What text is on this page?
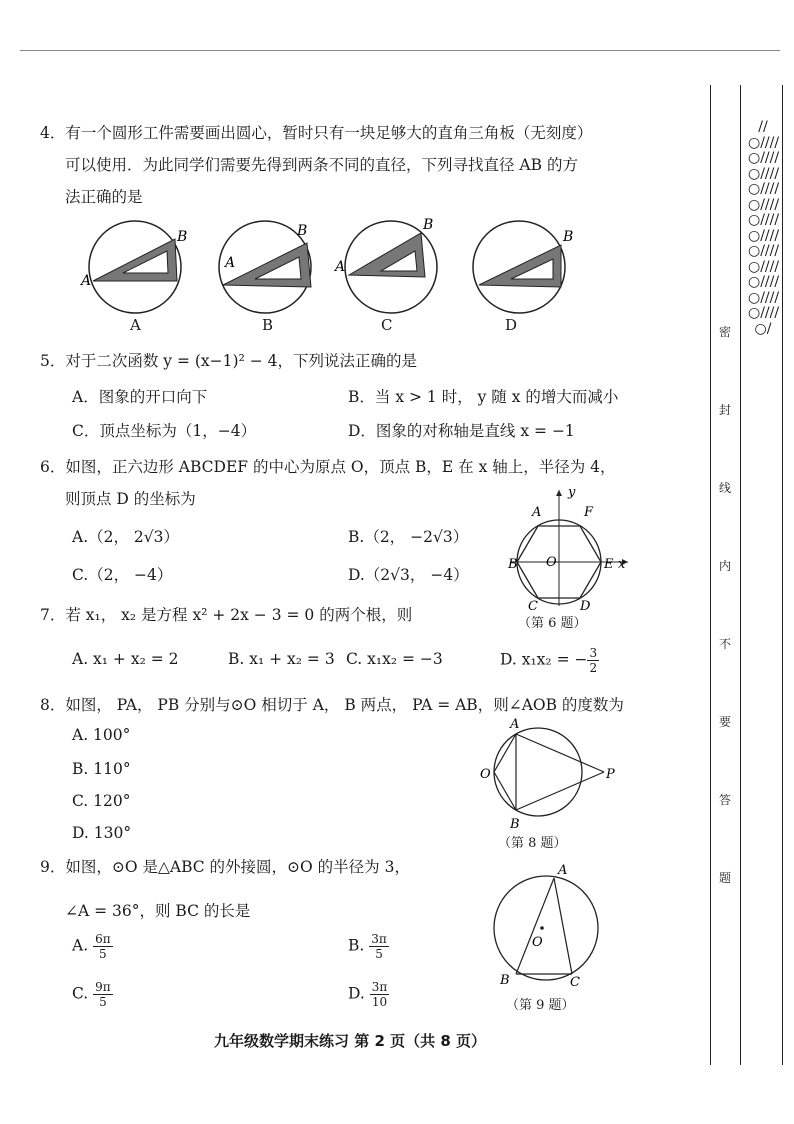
4．有一个圆形工件需要画出圆心，暂时只有一块足够大的直角三角板（无刻度）
可以使用．为此同学们需要先得到两条不同的直径，下列寻找直径 AB 的方
法正确的是
A
B
A
B
A
B
B
A	B	C	D
5．对于二次函数 y = (x−1)² − 4，下列说法正确的是
A．图象的开口向下	B．当 x > 1 时， y 随 x 的增大而减小
C．顶点坐标为（1，−4）	D．图象的对称轴是直线 x = −1
6．如图，正六边形 ABCDEF 的中心为原点 O，顶点 B，E 在 x 轴上，半径为 4，
则顶点 D 的坐标为
A.（2， 2√3）	B.（2， −2√3）
C.（2， −4）	D.（2√3， −4）
y
A	F
B O	E x
C	D
（第 6 题）
7．若 x₁， x₂ 是方程 x² + 2x − 3 = 0 的两个根，则
A. x₁ + x₂ = 2	B. x₁ + x₂ = 3 C. x₁x₂ = −3	D. x₁x₂ = − $\frac{3}{2}$
8．如图， PA， PB 分别与⊙O 相切于 A， B 两点， PA = AB，则∠AOB 的度数为
A. 100°
B. 110°
C. 120°
D. 130°
A
O	P
B
（第 8 题）
9．如图，⊙O 是△ABC 的外接圆，⊙O 的半径为 3，
∠A = 36°，则 BC 的长是
A. $\frac{6\pi}{5}$	B. $\frac{3\pi}{5}$
C. $\frac{9\pi}{5}$	D. $\frac{3\pi}{10}$
A
O
B	C
（第 9 题）
九年级数学期末练习 第 2 页（共 8 页）
//○////○////○////○////○////○////○////○////○////○////○////○////○/
密
封
线
内
不
要
答
题
